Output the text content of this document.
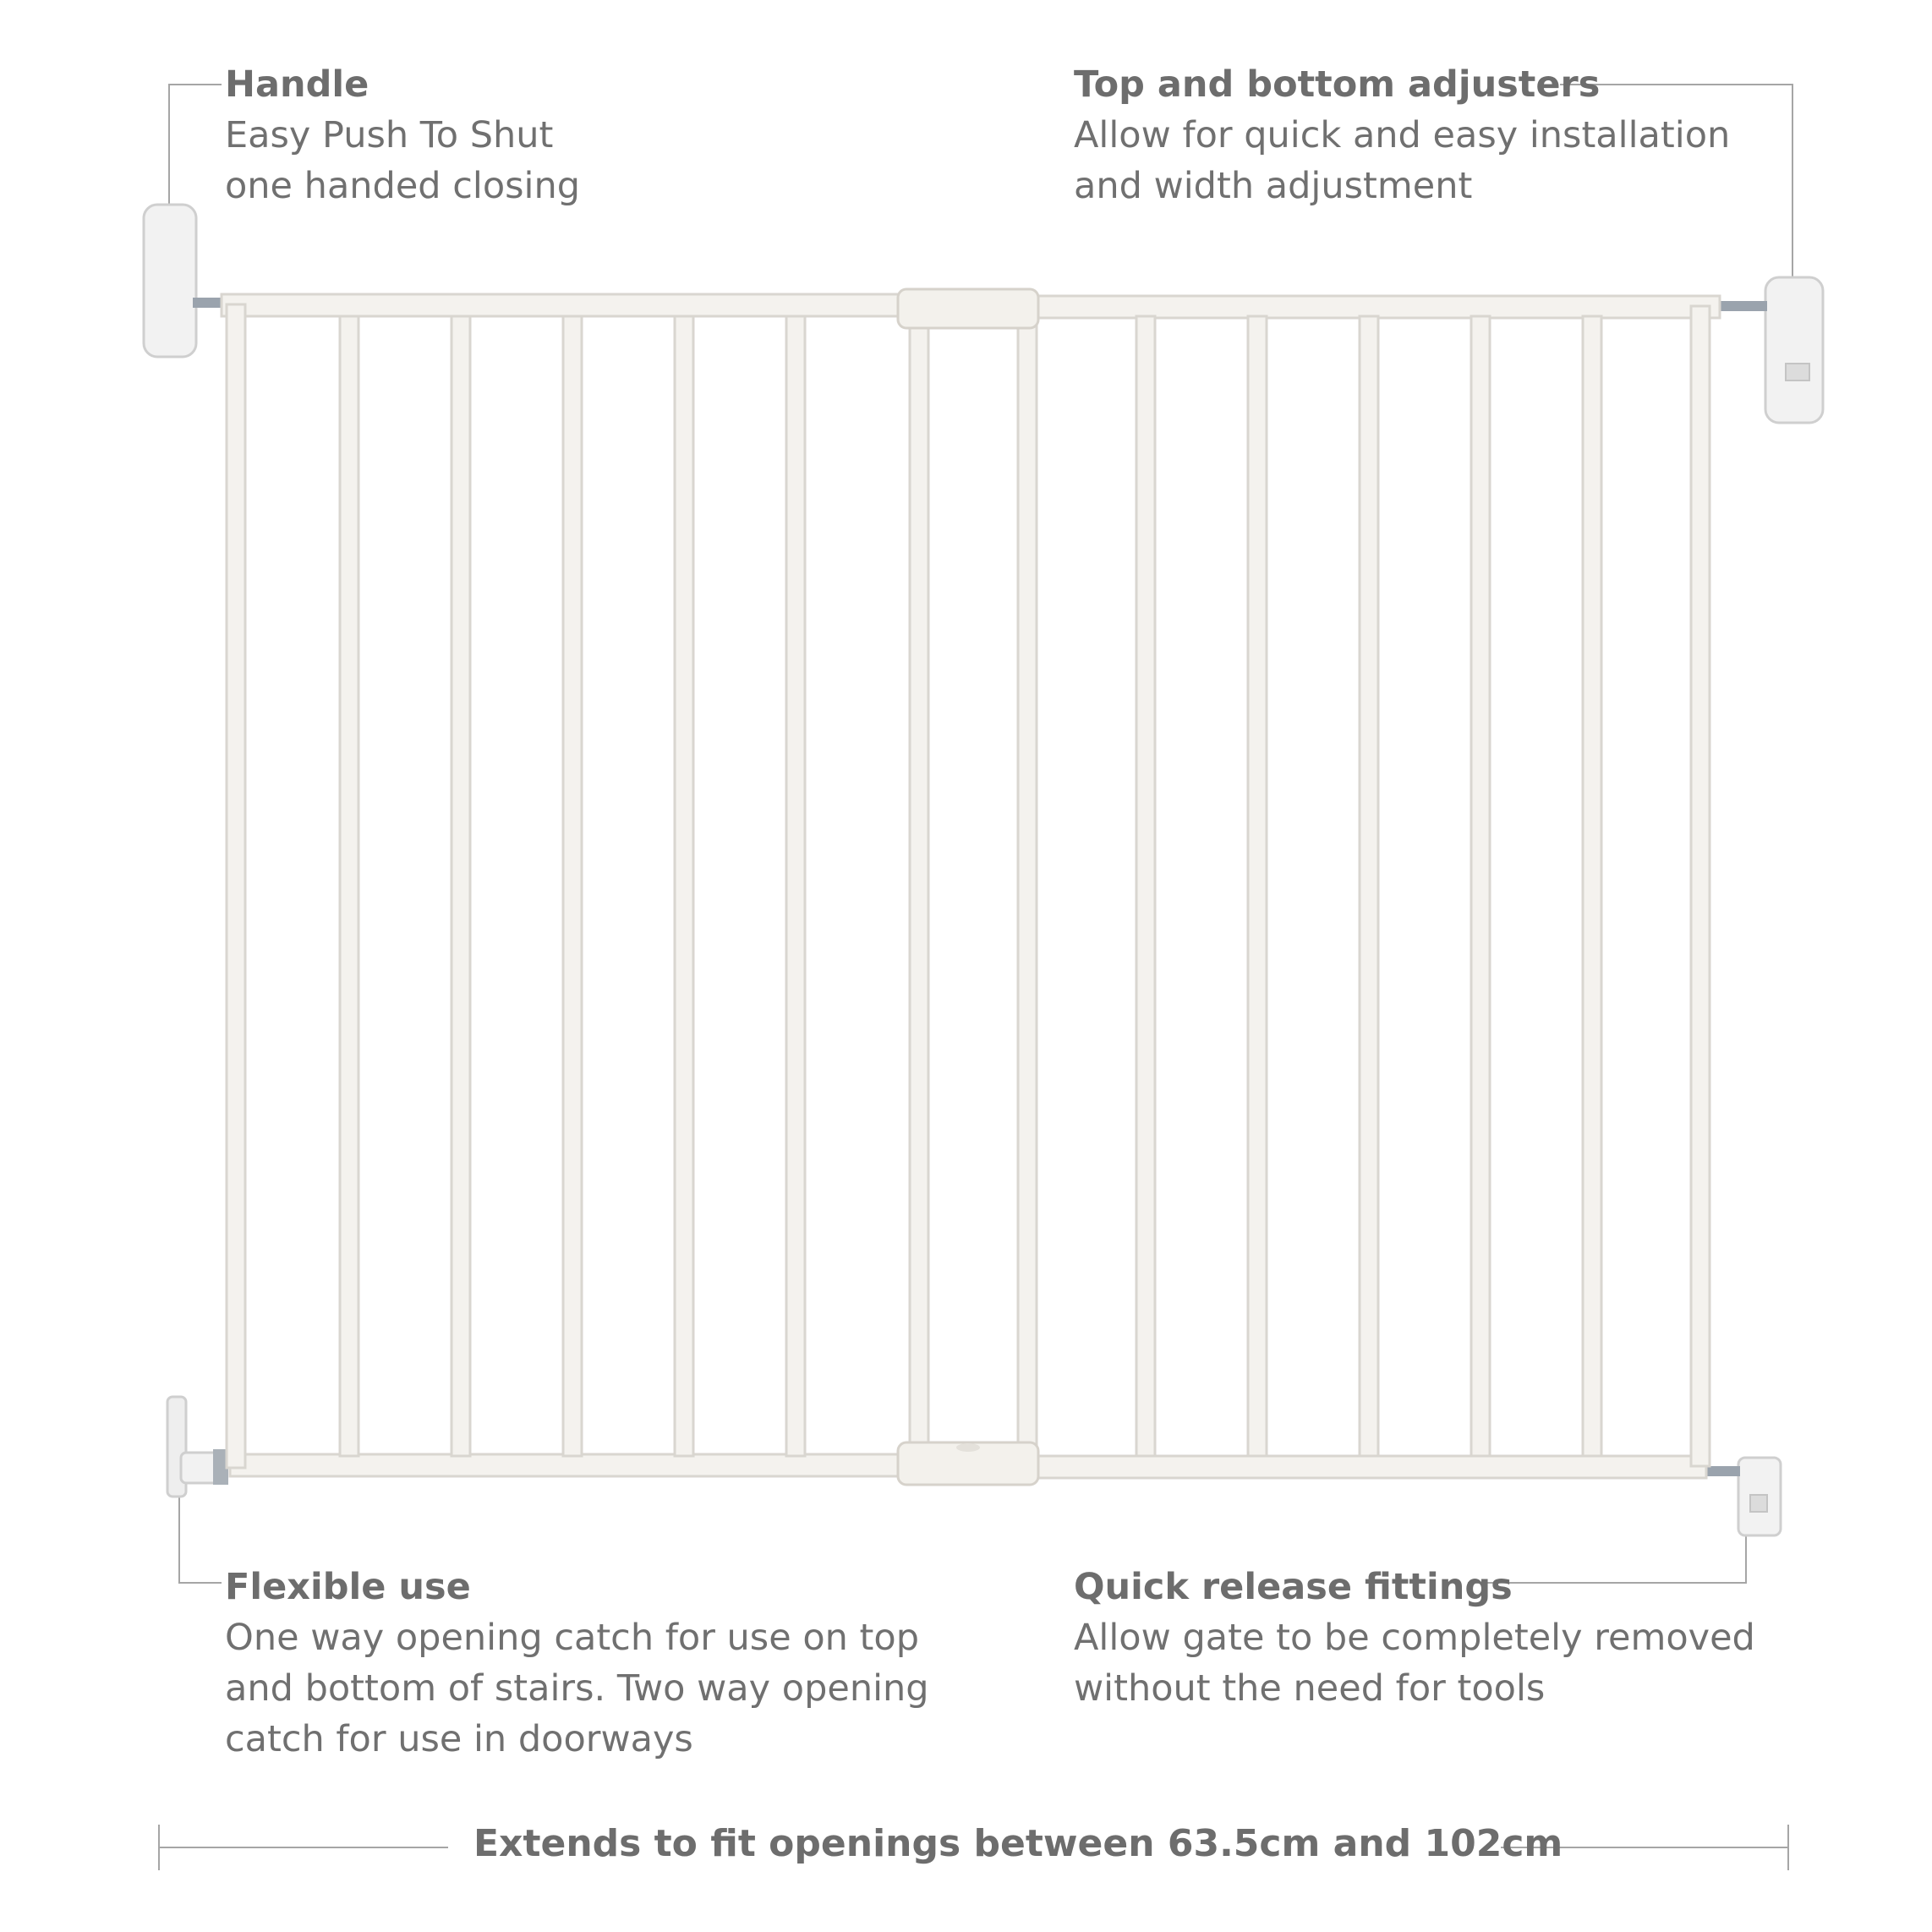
Handle
Easy Push To Shut
one handed closing
Top and bottom adjusters
Allow for quick and easy installation
and width adjustment
Flexible use
One way opening catch for use on top
and bottom of stairs. Two way opening
catch for use in doorways
Quick release fittings
Allow gate to be completely removed
without the need for tools
Extends to fit openings between 63.5cm and 102cm
